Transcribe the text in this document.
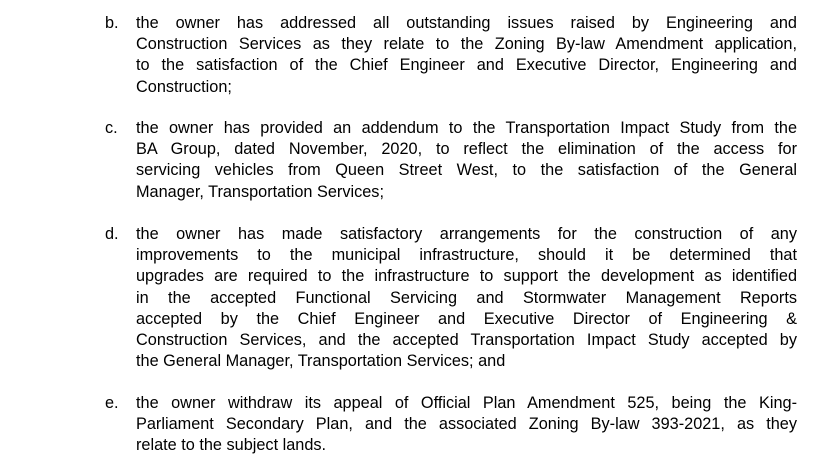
b. the owner has addressed all outstanding issues raised by Engineering and
Construction Services as they relate to the Zoning By-law Amendment application,
to the satisfaction of the Chief Engineer and Executive Director, Engineering and
Construction;
c. the owner has provided an addendum to the Transportation Impact Study from the
BA Group, dated November, 2020, to reflect the elimination of the access for
servicing vehicles from Queen Street West, to the satisfaction of the General
Manager, Transportation Services;
d. the owner has made satisfactory arrangements for the construction of any
improvements to the municipal infrastructure, should it be determined that
upgrades are required to the infrastructure to support the development as identified
in the accepted Functional Servicing and Stormwater Management Reports
accepted by the Chief Engineer and Executive Director of Engineering &
Construction Services, and the accepted Transportation Impact Study accepted by
the General Manager, Transportation Services; and
e. the owner withdraw its appeal of Official Plan Amendment 525, being the King-
Parliament Secondary Plan, and the associated Zoning By-law 393-2021, as they
relate to the subject lands.
